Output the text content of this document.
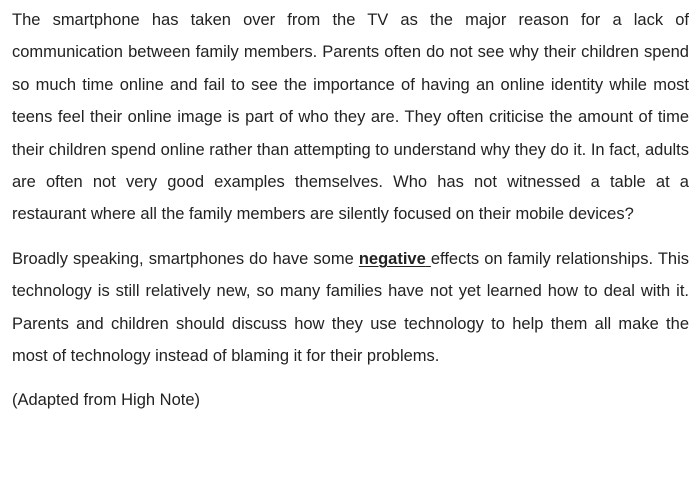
The smartphone has taken over from the TV as the major reason for a lack of communication between family members. Parents often do not see why their children spend so much time online and fail to see the importance of having an online identity while most teens feel their online image is part of who they are. They often criticise the amount of time their children spend online rather than attempting to understand why they do it. In fact, adults are often not very good examples themselves. Who has not witnessed a table at a restaurant where all the family members are silently focused on their mobile devices?

Broadly speaking, smartphones do have some negative effects on family relationships. This technology is still relatively new, so many families have not yet learned how to deal with it. Parents and children should discuss how they use technology to help them all make the most of technology instead of blaming it for their problems.

(Adapted from High Note)
